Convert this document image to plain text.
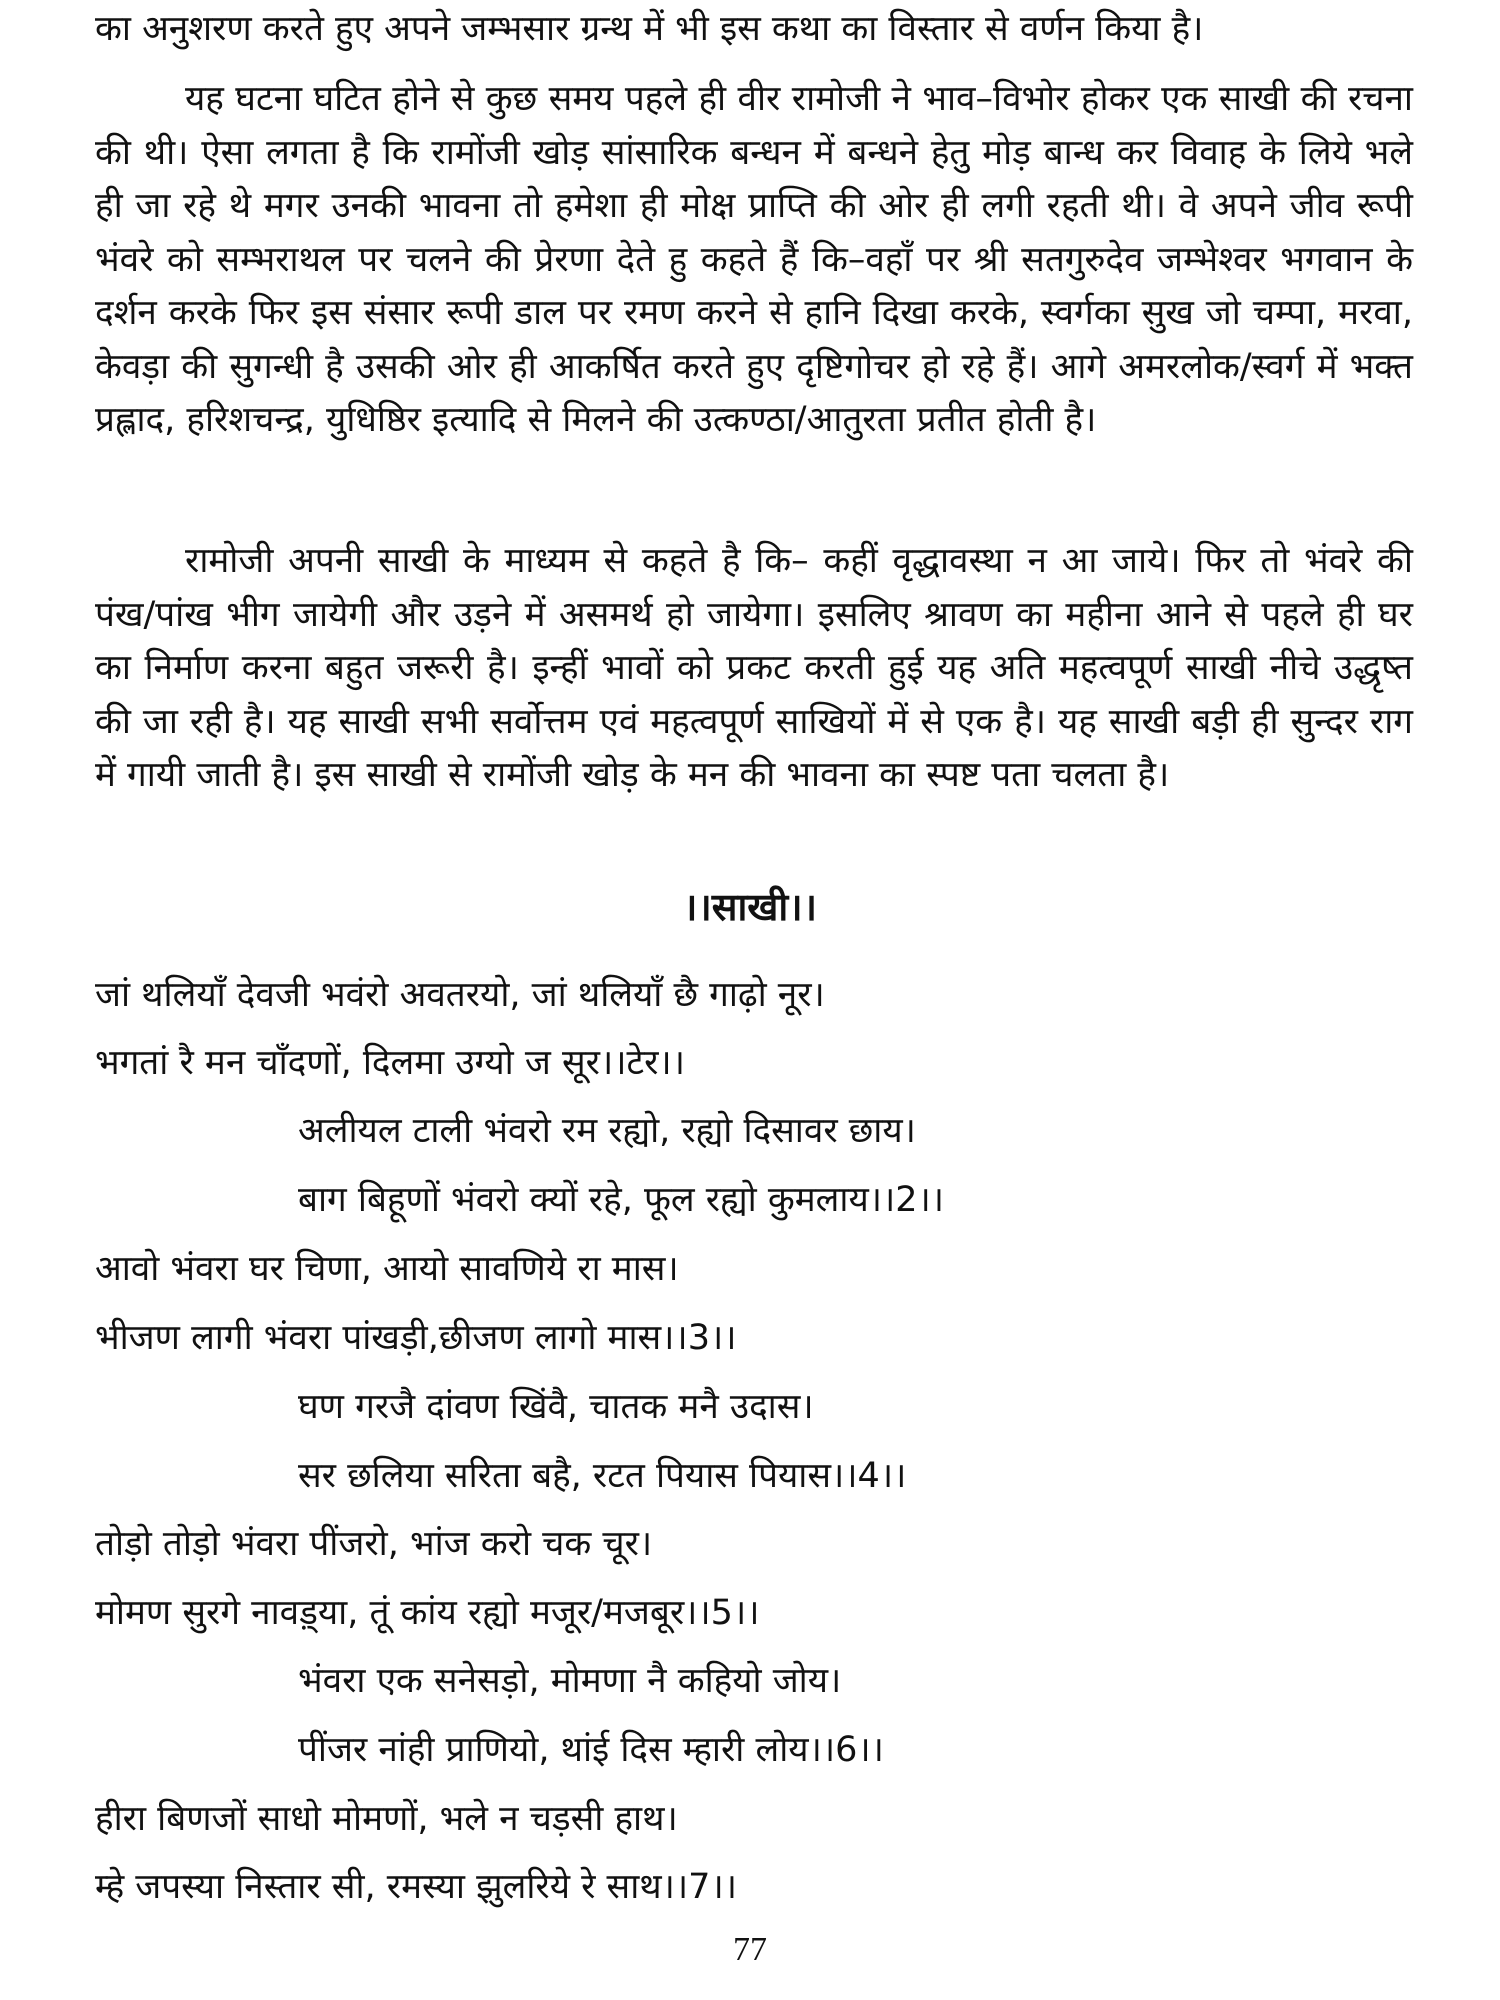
का अनुशरण करते हुए अपने जम्भसार ग्रन्थ में भी इस कथा का विस्तार से वर्णन किया है।

यह घटना घटित होने से कुछ समय पहले ही वीर रामोजी ने भाव–विभोर होकर एक साखी की रचना की थी। ऐसा लगता है कि रामोंजी खोड़ सांसारिक बन्धन में बन्धने हेतु मोड़ बान्ध कर विवाह के लिये भले ही जा रहे थे मगर उनकी भावना तो हमेशा ही मोक्ष प्राप्ति की ओर ही लगी रहती थी। वे अपने जीव रूपी भंवरे को सम्भराथल पर चलने की प्रेरणा देते हु कहते हैं कि–वहाँ पर श्री सतगुरुदेव जम्भेश्वर भगवान के दर्शन करके फिर इस संसार रूपी डाल पर रमण करने से हानि दिखा करके, स्वर्गका सुख जो चम्पा, मरवा, केवड़ा की सुगन्धी है उसकी ओर ही आकर्षित करते हुए दृष्टिगोचर हो रहे हैं। आगे अमरलोक/स्वर्ग में भक्त प्रह्लाद, हरिशचन्द्र, युधिष्ठिर इत्यादि से मिलने की उत्कण्ठा/आतुरता प्रतीत होती है।

रामोजी अपनी साखी के माध्यम से कहते है कि– कहीं वृद्धावस्था न आ जाये। फिर तो भंवरे की पंख/पांख भीग जायेगी और उड़ने में असमर्थ हो जायेगा। इसलिए श्रावण का महीना आने से पहले ही घर का निर्माण करना बहुत जरूरी है। इन्हीं भावों को प्रकट करती हुई यह अति महत्वपूर्ण साखी नीचे उद्धृष्त की जा रही है। यह साखी सभी सर्वोत्तम एवं महत्वपूर्ण साखियों में से एक है। यह साखी बड़ी ही सुन्दर राग में गायी जाती है। इस साखी से रामोंजी खोड़ के मन की भावना का स्पष्ट पता चलता है।

।।साखी।।

जां थलियाँ देवजी भवंरो अवतरयो, जां थलियाँ छै गाढ़ो नूर।

भगतां रै मन चाँदणों, दिलमा उग्यो ज सूर।।टेर।।

अलीयल टाली भंवरो रम रह्यो, रह्यो दिसावर छाय।

बाग बिहूणों भंवरो क्यों रहे, फूल रह्यो कुमलाय।।2।।

आवो भंवरा घर चिणा, आयो सावणिये रा मास।

भीजण लागी भंवरा पांखड़ी,छीजण लागो मास।।3।।

घण गरजै दांवण खिंवै, चातक मनै उदास।

सर छलिया सरिता बहै, रटत पियास पियास।।4।।

तोड़ो तोड़ो भंवरा पींजरो, भांज करो चक चूर।

मोमण सुरगे नावड़्या, तूं कांय रह्यो मजूर/मजबूर।।5।।

भंवरा एक सनेसड़ो, मोमणा नै कहियो जोय।

पींजर नांही प्राणियो, थांई दिस म्हारी लोय।।6।।

हीरा बिणजों साधो मोमणों, भले न चड़सी हाथ।

म्हे जपस्या निस्तार सी, रमस्या झुलरिये रे साथ।।7।।

77
